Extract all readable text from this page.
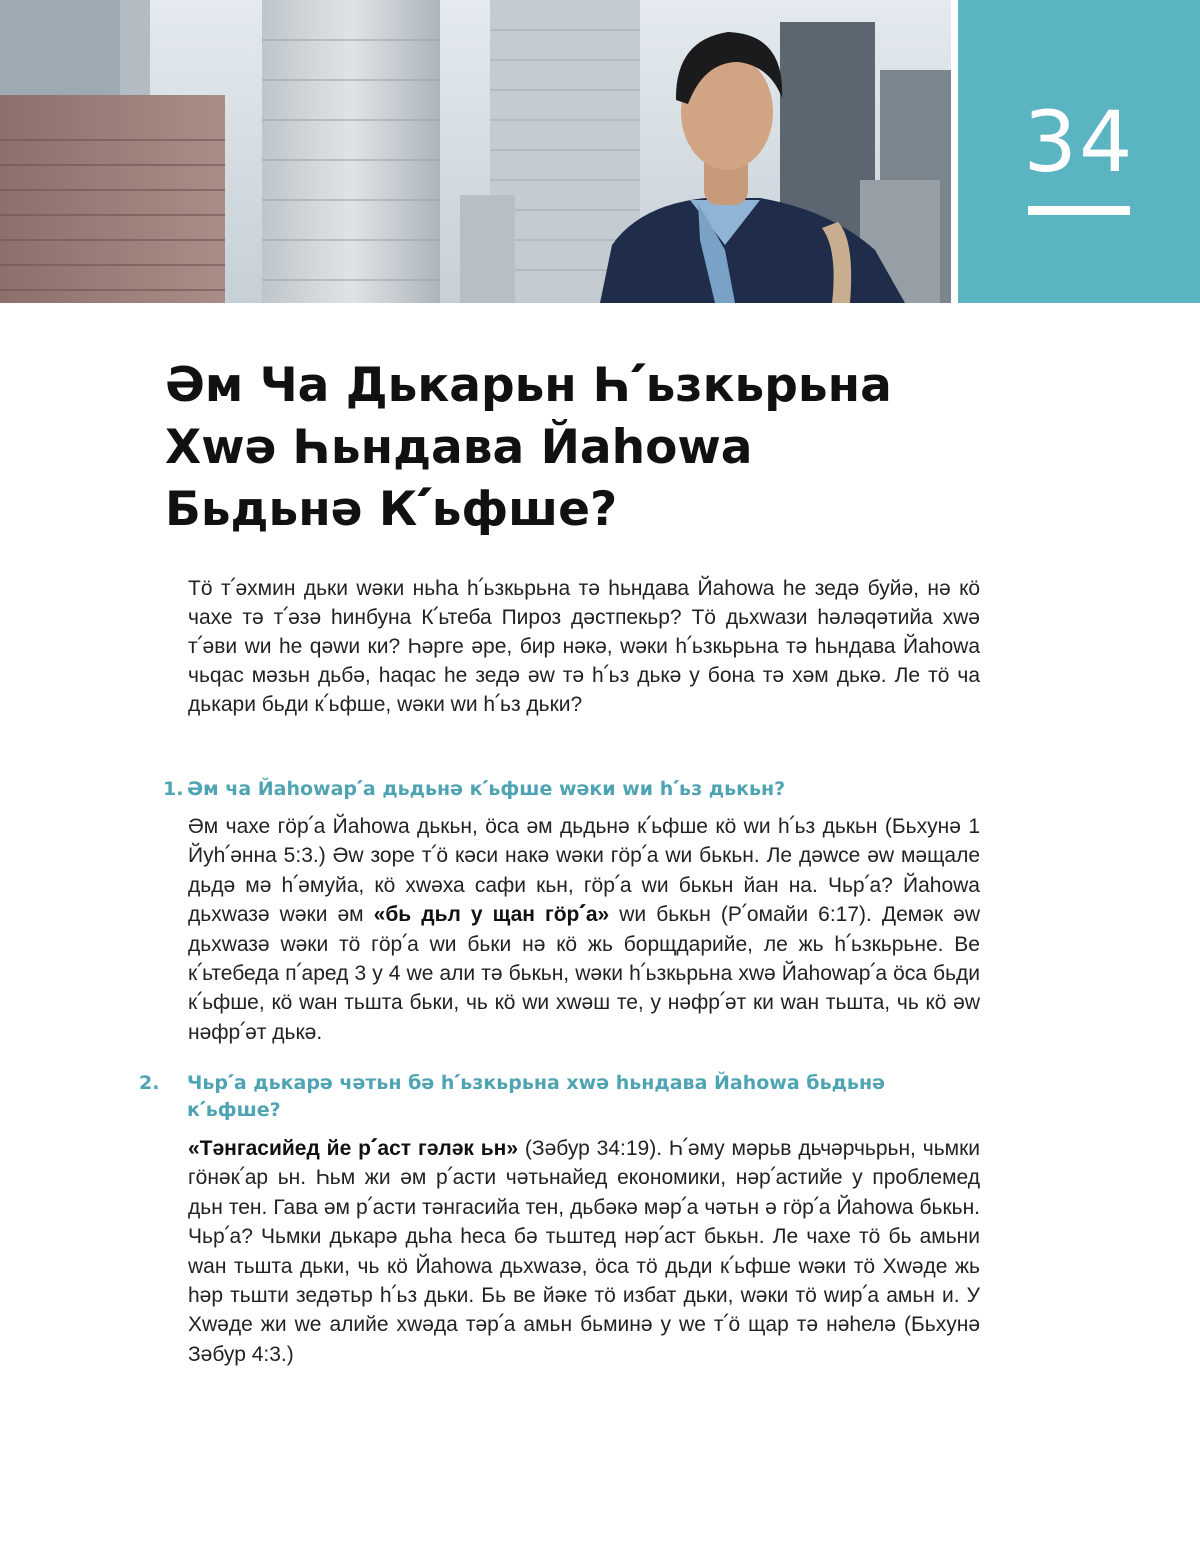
34
Әм Ча Дькарьн Һ՛ьзкьрьна
Хwә Һьндава Йаһоwа
Бьдьнә К՛ьфше?

Тö т՛әхмин дьки wәки ньһа һ՛ьзкьрьна тә һьндава Йаһоwа һе зедә буйә, нә кö чахе тә т՛әзә һинбуна К՛ьтеба Пироз дәстпекьр? Тö дьхwази һәләqәтийа хwә т՛әви wи һе qәwи ки? Һәрге әре, бир нәкә, wәки һ՛ьзкьрьна тә һьндава Йаһоwа чьqас мәзьн дьбә, һаqас һе зедә әw тә һ՛ьз дькә у бона тә хәм дькә. Ле тö ча дькари бьди к՛ьфше, wәки wи һ՛ьз дьки?

1. Әм ча Йаһоwар՛а дьдьнә к՛ьфше wәки wи һ՛ьз дькьн?

Әм чахе гöр՛а Йаһоwа дькьн, öса әм дьдьнә к՛ьфше кö wи һ՛ьз дькьн (Бьхунә 1 Йуһ՛әнна 5:3.) Әw зоре т՛ö кәси накә wәки гöр՛а wи бькьн. Ле дәwсе әw мәщале дьдә мә һ՛әмуйа, кö хwәха сафи кьн, гöр՛а wи бькьн йан на. Чьр՛а? Йаһоwа дьхwазә wәки әм «бь дьл у щан гöр՛а» wи бькьн (Р՛омайи 6:17). Демәк әw дьхwазә wәки тö гöр՛а wи бьки нә кö жь борщдарийе, ле жь һ՛ьзкьрьне. Ве к՛ьтебеда п՛аред 3 у 4 wе али тә бькьн, wәки һ՛ьзкьрьна хwә Йаһоwар՛а öса бьди к՛ьфше, кö wан тьшта бьки, чь кö wи хwәш те, у нәфр՛әт ки wан тьшта, чь кö әw нәфр՛әт дькә.

2. Чьр՛а дькарә чәтьн бә һ՛ьзкьрьна хwә һьндава Йаһоwа бьдьнә к՛ьфше?

«Тәнгасийед йе р՛аст гәләк ьн» (Зәбур 34:19). Һ՛әму мәрьв дьчәрчьрьн, чьмки гöнәк՛ар ьн. Һьм жи әм р՛асти чәтьнайед економики, нәр՛астийе у проблемед дьн тен. Гава әм р՛асти тәнгасийа тен, дьбәкә мәр՛а чәтьн ә гöр՛а Йаһоwа бькьн. Чьр՛а? Чьмки дькарә дьһа һеса бә тьштед нәр՛аст бькьн. Ле чахе тö бь амьни wан тьшта дьки, чь кö Йаһоwа дьхwазә, öса тö дьди к՛ьфше wәки тö Хwәде жь һәр тьшти зедәтьр һ՛ьз дьки. Бь ве йәке тö избат дьки, wәки тö wир՛а амьн и. У Хwәде жи wе алийе хwәда тәр՛а амьн бьминә у wе т՛ö щар тә нәһелә (Бьхунә Зәбур 4:3.)
